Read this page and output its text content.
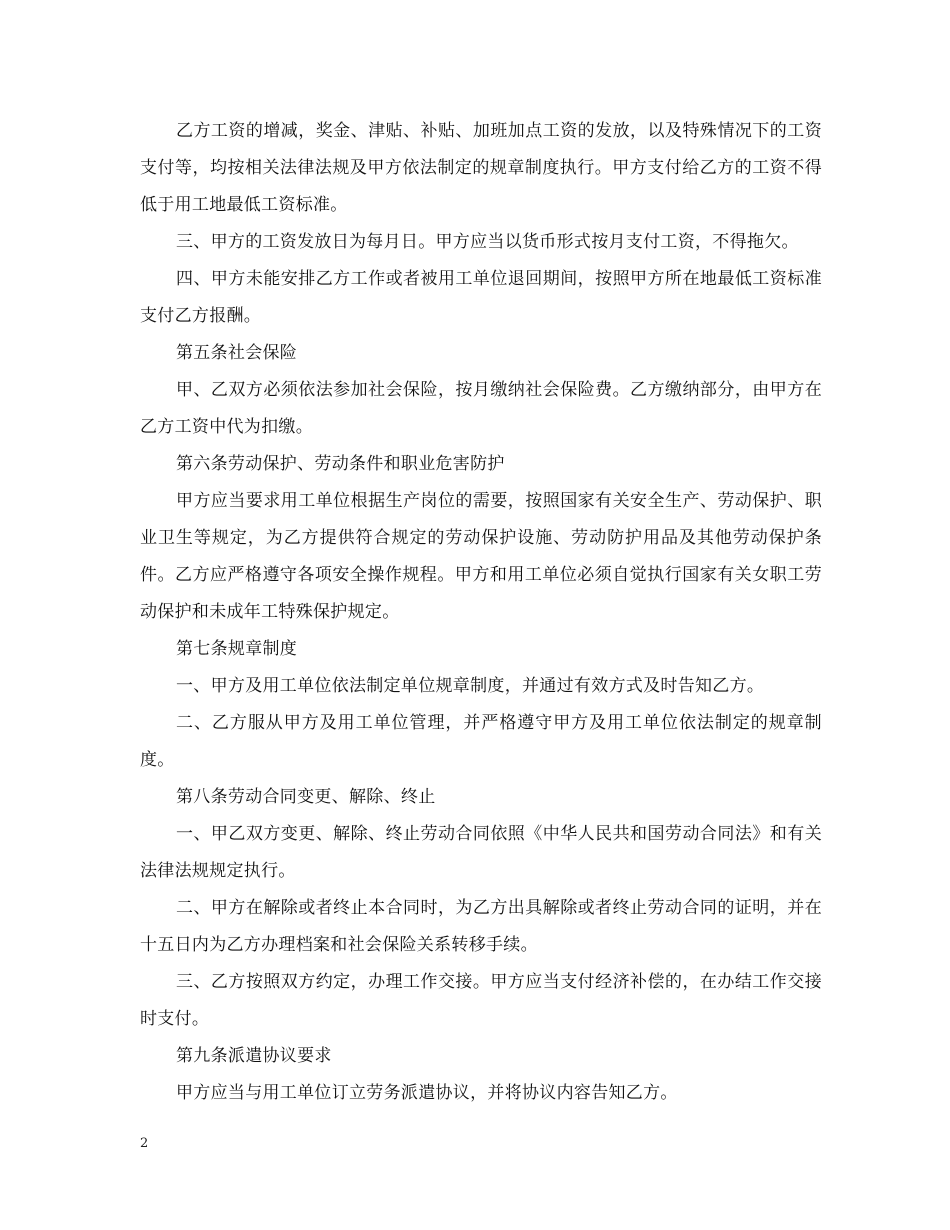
乙方工资的增减，奖金、津贴、补贴、加班加点工资的发放，以及特殊情况下的工资支付等，均按相关法律法规及甲方依法制定的规章制度执行。甲方支付给乙方的工资不得低于用工地最低工资标准。

三、甲方的工资发放日为每月日。甲方应当以货币形式按月支付工资，不得拖欠。

四、甲方未能安排乙方工作或者被用工单位退回期间，按照甲方所在地最低工资标准支付乙方报酬。

第五条社会保险

甲、乙双方必须依法参加社会保险，按月缴纳社会保险费。乙方缴纳部分，由甲方在乙方工资中代为扣缴。

第六条劳动保护、劳动条件和职业危害防护

甲方应当要求用工单位根据生产岗位的需要，按照国家有关安全生产、劳动保护、职业卫生等规定，为乙方提供符合规定的劳动保护设施、劳动防护用品及其他劳动保护条件。乙方应严格遵守各项安全操作规程。甲方和用工单位必须自觉执行国家有关女职工劳动保护和未成年工特殊保护规定。

第七条规章制度

一、甲方及用工单位依法制定单位规章制度，并通过有效方式及时告知乙方。

二、乙方服从甲方及用工单位管理，并严格遵守甲方及用工单位依法制定的规章制度。

第八条劳动合同变更、解除、终止

一、甲乙双方变更、解除、终止劳动合同依照《中华人民共和国劳动合同法》和有关法律法规规定执行。

二、甲方在解除或者终止本合同时，为乙方出具解除或者终止劳动合同的证明，并在十五日内为乙方办理档案和社会保险关系转移手续。

三、乙方按照双方约定，办理工作交接。甲方应当支付经济补偿的，在办结工作交接时支付。

第九条派遣协议要求

甲方应当与用工单位订立劳务派遣协议，并将协议内容告知乙方。

2
